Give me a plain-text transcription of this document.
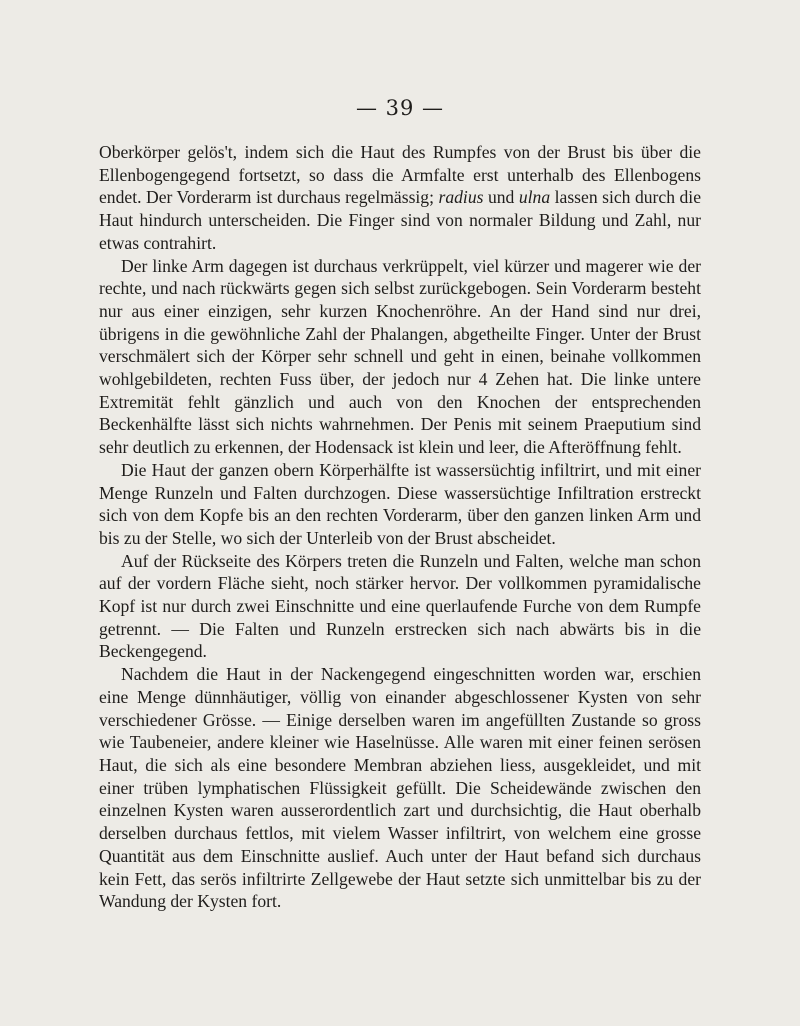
— 39 —

Oberkörper gelös't, indem sich die Haut des Rumpfes von der Brust bis über die Ellenbogengegend fortsetzt, so dass die Armfalte erst unterhalb des Ellenbogens endet. Der Vorderarm ist durchaus regelmässig; radius und ulna lassen sich durch die Haut hindurch unterscheiden. Die Finger sind von normaler Bildung und Zahl, nur etwas contrahirt.

Der linke Arm dagegen ist durchaus verkrüppelt, viel kürzer und magerer wie der rechte, und nach rückwärts gegen sich selbst zurückgebogen. Sein Vorderarm besteht nur aus einer einzigen, sehr kurzen Knochenröhre. An der Hand sind nur drei, übrigens in die gewöhnliche Zahl der Phalangen, abgetheilte Finger. Unter der Brust verschmälert sich der Körper sehr schnell und geht in einen, beinahe vollkommen wohlgebildeten, rechten Fuss über, der jedoch nur 4 Zehen hat. Die linke untere Extremität fehlt gänzlich und auch von den Knochen der entsprechenden Beckenhälfte lässt sich nichts wahrnehmen. Der Penis mit seinem Praeputium sind sehr deutlich zu erkennen, der Hodensack ist klein und leer, die Afteröffnung fehlt.

Die Haut der ganzen obern Körperhälfte ist wassersüchtig infiltrirt, und mit einer Menge Runzeln und Falten durchzogen. Diese wassersüchtige Infiltration erstreckt sich von dem Kopfe bis an den rechten Vorderarm, über den ganzen linken Arm und bis zu der Stelle, wo sich der Unterleib von der Brust abscheidet.

Auf der Rückseite des Körpers treten die Runzeln und Falten, welche man schon auf der vordern Fläche sieht, noch stärker hervor. Der vollkommen pyramidalische Kopf ist nur durch zwei Einschnitte und eine querlaufende Furche von dem Rumpfe getrennt. — Die Falten und Runzeln erstrecken sich nach abwärts bis in die Beckengegend.

Nachdem die Haut in der Nackengegend eingeschnitten worden war, erschien eine Menge dünnhäutiger, völlig von einander abgeschlossener Kysten von sehr verschiedener Grösse. — Einige derselben waren im angefüllten Zustande so gross wie Taubeneier, andere kleiner wie Haselnüsse. Alle waren mit einer feinen serösen Haut, die sich als eine besondere Membran abziehen liess, ausgekleidet, und mit einer trüben lymphatischen Flüssigkeit gefüllt. Die Scheidewände zwischen den einzelnen Kysten waren ausserordentlich zart und durchsichtig, die Haut oberhalb derselben durchaus fettlos, mit vielem Wasser infiltrirt, von welchem eine grosse Quantität aus dem Einschnitte auslief. Auch unter der Haut befand sich durchaus kein Fett, das serös infiltrirte Zellgewebe der Haut setzte sich unmittelbar bis zu der Wandung der Kysten fort.
